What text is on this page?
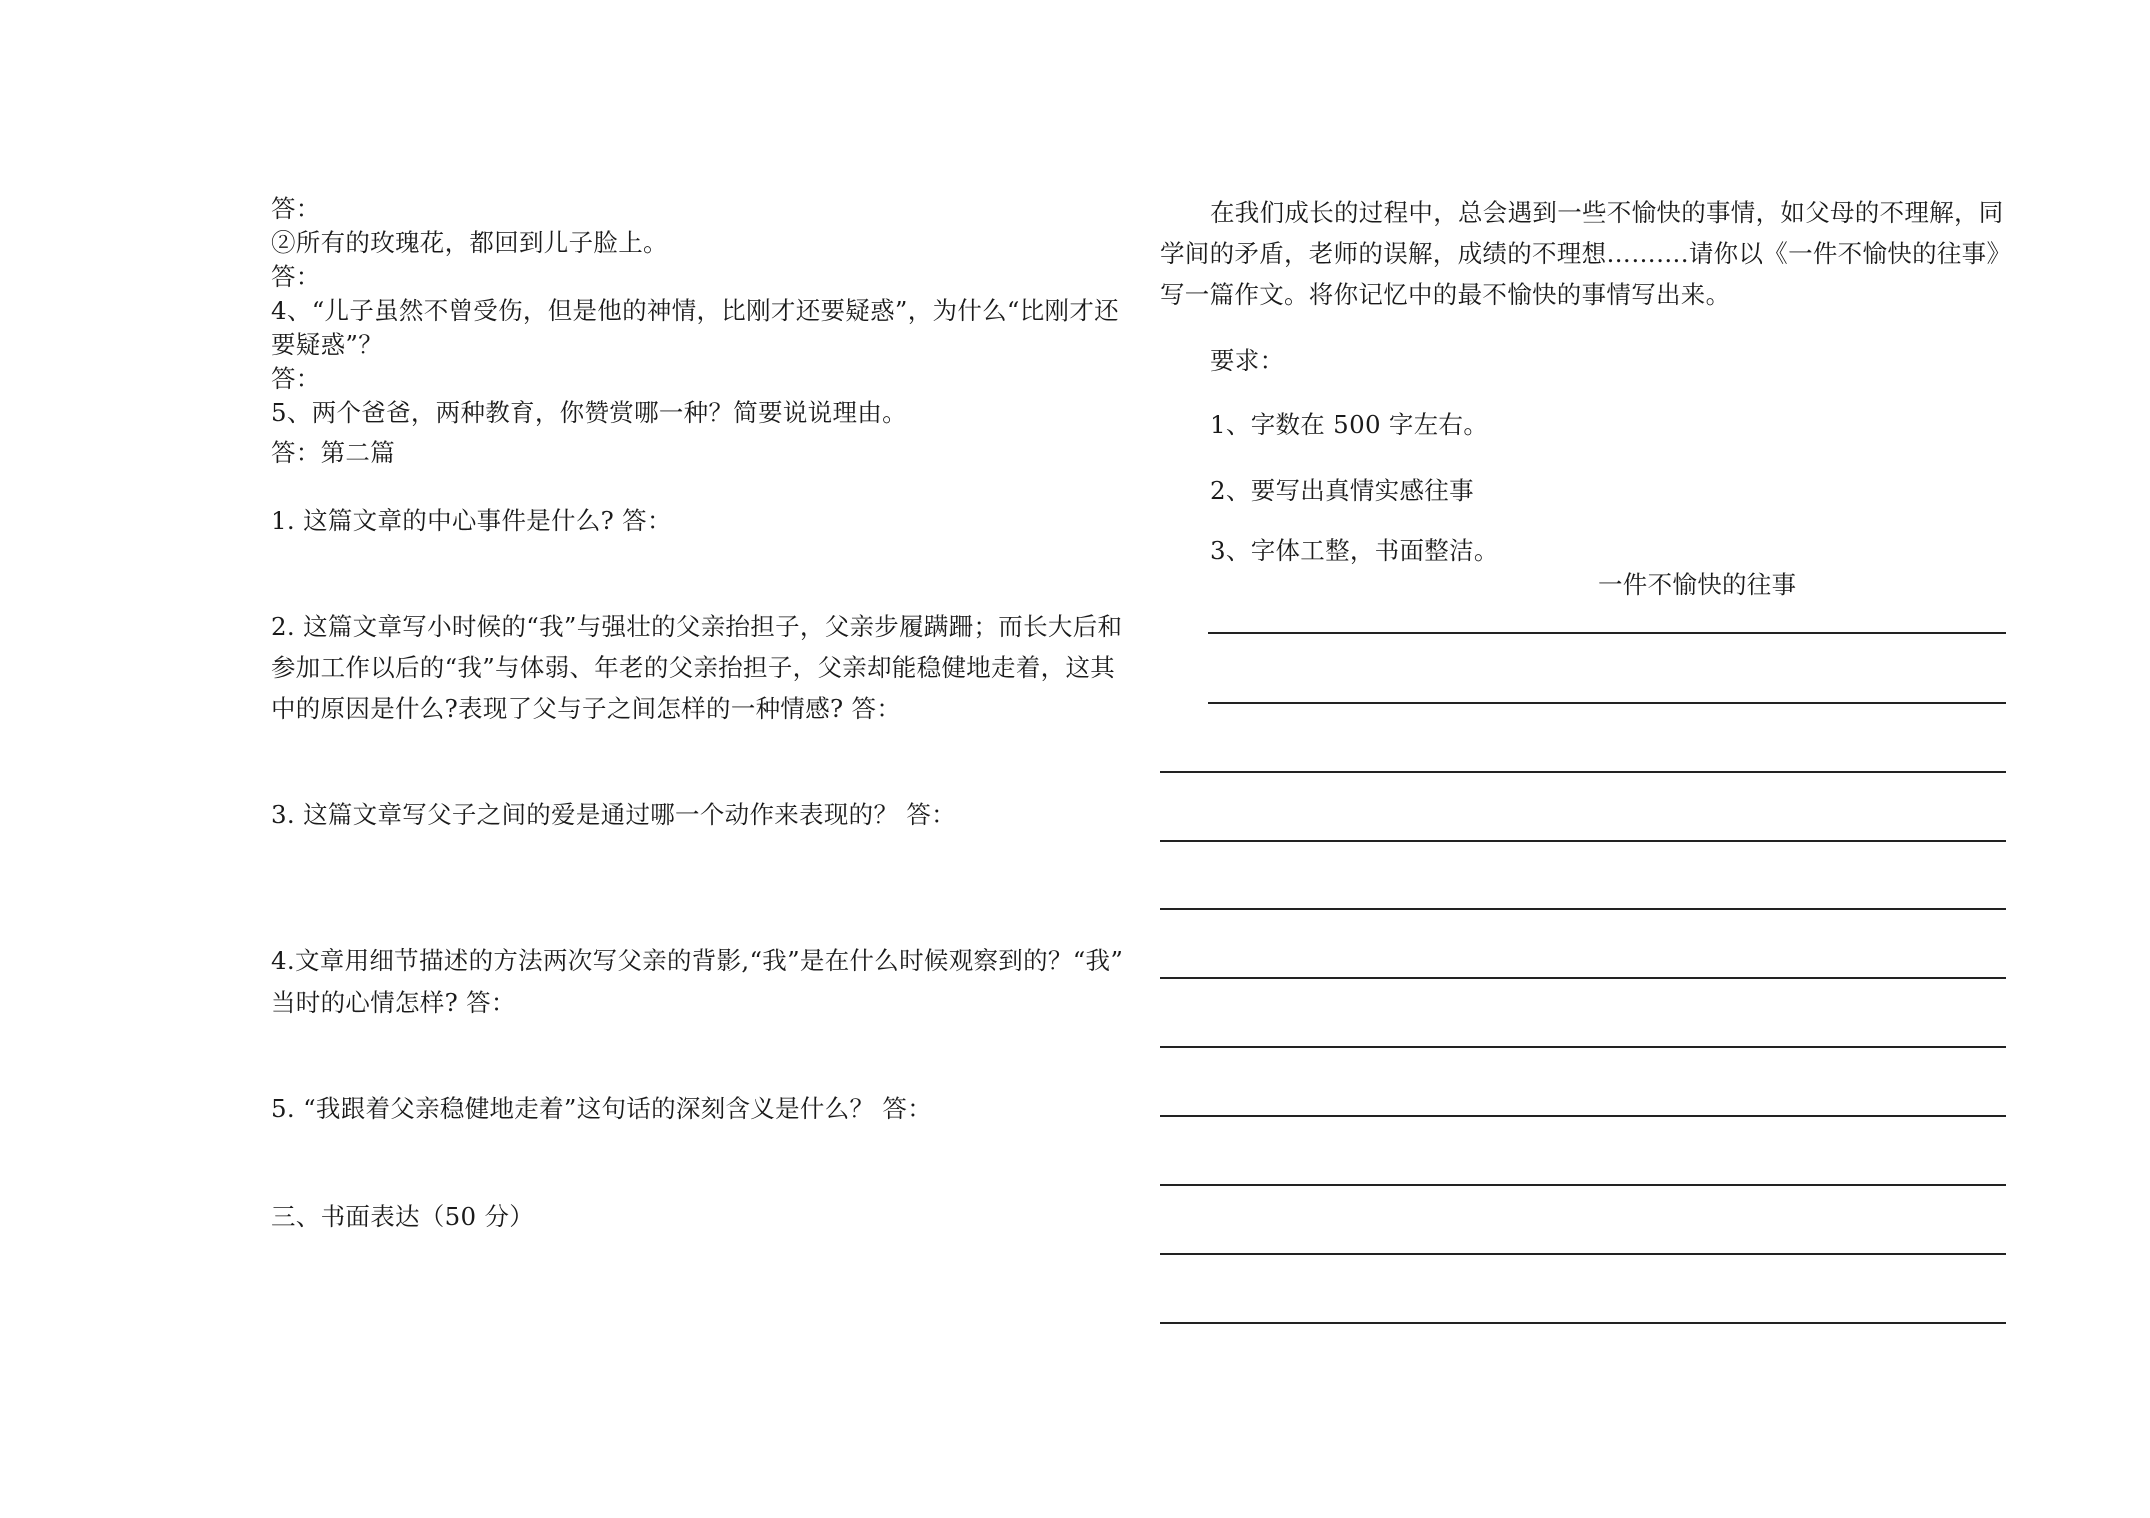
答：
②所有的玫瑰花，都回到儿子脸上。
答：
4、“儿子虽然不曾受伤，但是他的神情，比刚才还要疑惑”，为什么“比刚才还
要疑惑”？
答：
5、两个爸爸，两种教育，你赞赏哪一种？简要说说理由。
答：第二篇
1. 这篇文章的中心事件是什么? 答：
2. 这篇文章写小时候的“我”与强壮的父亲抬担子，父亲步履蹒跚；而长大后和
参加工作以后的“我”与体弱、年老的父亲抬担子，父亲却能稳健地走着，这其
中的原因是什么?表现了父与子之间怎样的一种情感? 答：
3. 这篇文章写父子之间的爱是通过哪一个动作来表现的？ 答：
4.文章用细节描述的方法两次写父亲的背影,“我”是在什么时候观察到的？“我”
当时的心情怎样? 答：
5. “我跟着父亲稳健地走着”这句话的深刻含义是什么？ 答：
三、书面表达（50 分）
在我们成长的过程中，总会遇到一些不愉快的事情，如父母的不理解，同
学间的矛盾，老师的误解，成绩的不理想……….请你以《一件不愉快的往事》
写一篇作文。将你记忆中的最不愉快的事情写出来。
要求：
1、字数在 500 字左右。
2、要写出真情实感往事
3、字体工整，书面整洁。
一件不愉快的往事
